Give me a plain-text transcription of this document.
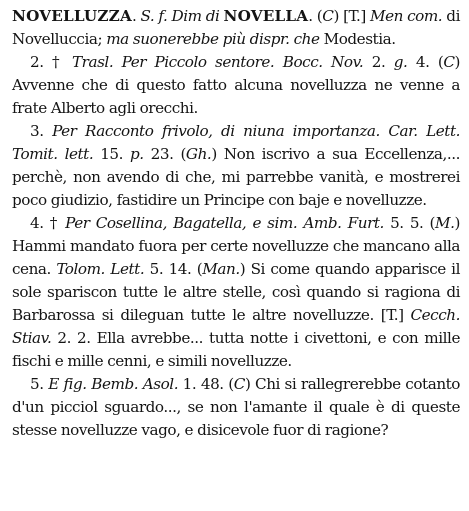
NOVELLUZZA. S. f. Dim di NOVELLA. (C) [T.] Men com. di Novelluccia; ma suonerebbe più dispr. che Modestia.

2. † Trasl. Per Piccolo sentore. Bocc. Nov. 2. g. 4. (C) Avvenne che di questo fatto alcuna novelluzza ne venne a frate Alberto agli orecchi.

3. Per Racconto frivolo, di niuna importanza. Car. Lett. Tomit. lett. 15. p. 23. (Gh.) Non iscrivo a sua Eccellenza,... perchè, non avendo di che, mi parrebbe vanità, e mostrerei poco giudizio, fastidire un Principe con baje e novelluzze.

4. † Per Cosellina, Bagatella, e sim. Amb. Furt. 5. 5. (M.) Hammi mandato fuora per certe novelluzze che mancano alla cena. Tolom. Lett. 5. 14. (Man.) Si come quando apparisce il sole spariscon tutte le altre stelle, così quando si ragiona di Barbarossa si dileguan tutte le altre novelluzze. [T.] Cecch. Stiav. 2. 2. Ella avrebbe... tutta notte i civettoni, e con mille fischi e mille cenni, e simili novelluzze.

5. E fig. Bemb. Asol. 1. 48. (C) Chi si rallegrerebbe cotanto d'un picciol sguardo..., se non l'amante il quale è di queste stesse novelluzze vago, e disicevole fuor di ragione?
